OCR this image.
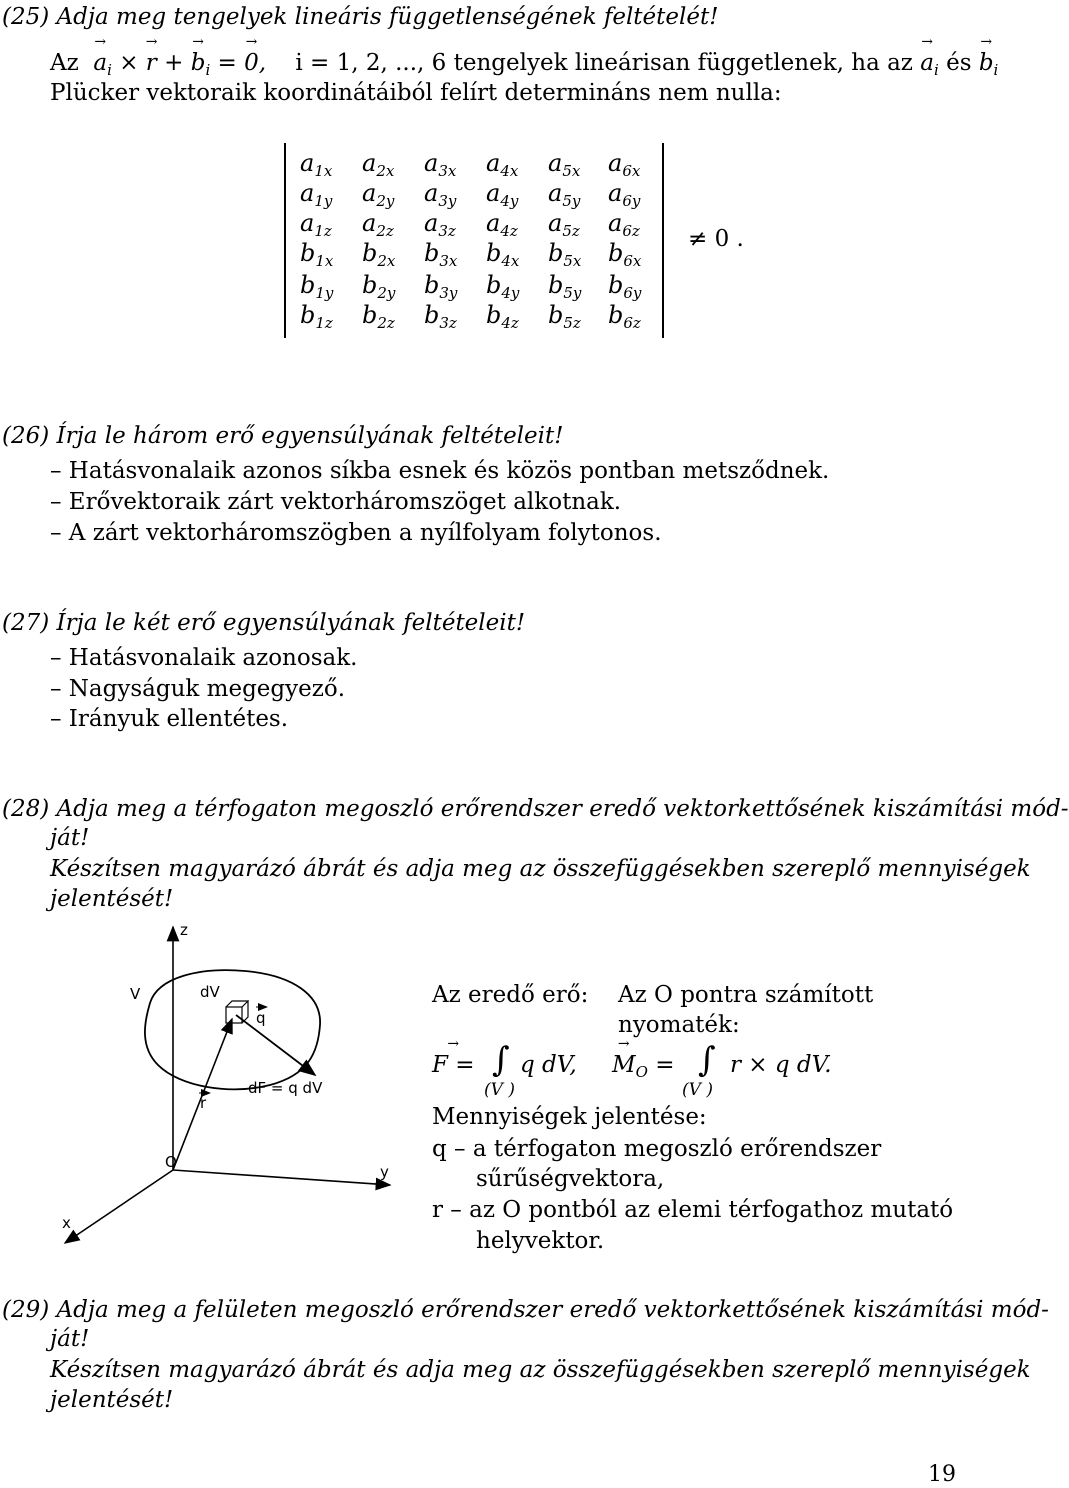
(25) Adja meg tengelyek lineáris függetlenségének feltételét!
$Az \to a_i$ × → r + → $b_i$ = → 0,    i = 1, 2, ..., 6 tengelyek lineárisan függetlenek, ha az → $a_i$ és → $b_i$
Plücker vektoraik koordinátáiból felírt determináns nem nulla:
$a_{1x}$ $a_{2x}$ $a_{3x}$ $a_{4x}$ $a_{5x}$ $a_{6x}$
$a_{1y}$ $a_{2y}$ $a_{3y}$ $a_{4y}$ $a_{5y}$ $a_{6y}$
$a_{1z}$ $a_{2z}$ $a_{3z}$ $a_{4z}$ $a_{5z}$ $a_{6z}$
$b_{1x}$ $b_{2x}$ $b_{3x}$ $b_{4x}$ $b_{5x}$ $b_{6x}$
$b_{1y}$ $b_{2y}$ $b_{3y}$ $b_{4y}$ $b_{5y}$ $b_{6y}$
$b_{1z}$ $b_{2z}$ $b_{3z}$ $b_{4z}$ $b_{5z}$ $b_{6z}$
≠ 0 .
(26) Írja le három erő egyensúlyának feltételeit!
– Hatásvonalaik azonos síkba esnek és közös pontban metsződnek.
– Erővektoraik zárt vektorháromszöget alkotnak.
– A zárt vektorháromszögben a nyílfolyam folytonos.
(27) Írja le két erő egyensúlyának feltételeit!
– Hatásvonalaik azonosak.
– Nagyságuk megegyező.
– Irányuk ellentétes.
(28) Adja meg a térfogaton megoszló erőrendszer eredő vektorkettősének kiszámítási mód-
ját!
Készítsen magyarázó ábrát és adja meg az összefüggésekben szereplő mennyiségek
jelentését!
z
x
y
V	dV
q
r
O
dF = q dV
Az eredő erő: Az O pontra számított
nyomaték:
→ F = ∫ q dV,
(V )
→ $M_O$ = ∫ r × q dV.
(V )
Mennyiségek jelentése:
q – a térfogaton megoszló erőrendszer
sűrűségvektora,
r – az O pontból az elemi térfogathoz mutató
helyvektor.
(29) Adja meg a felületen megoszló erőrendszer eredő vektorkettősének kiszámítási mód-
ját!
Készítsen magyarázó ábrát és adja meg az összefüggésekben szereplő mennyiségek
jelentését!
19
